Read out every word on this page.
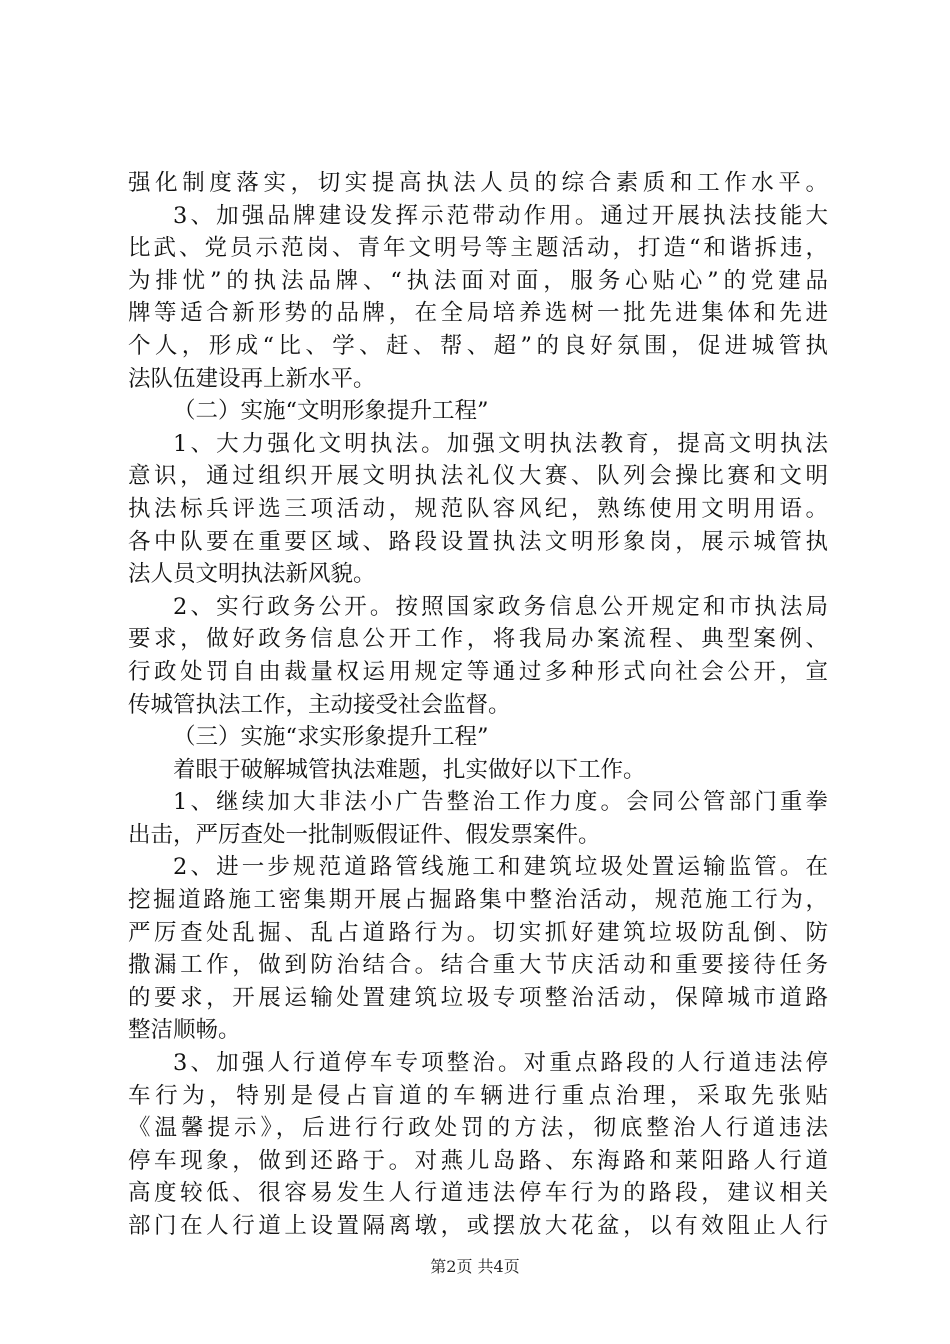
强化制度落实，切实提高执法人员的综合素质和工作水平。
3、加强品牌建设发挥示范带动作用。通过开展执法技能大
比武、党员示范岗、青年文明号等主题活动，打造“和谐拆违，
为排忧”的执法品牌、“执法面对面，服务心贴心”的党建品
牌等适合新形势的品牌，在全局培养选树一批先进集体和先进
个人，形成“比、学、赶、帮、超”的良好氛围，促进城管执
法队伍建设再上新水平。
（二）实施“文明形象提升工程”
1、大力强化文明执法。加强文明执法教育，提高文明执法
意识，通过组织开展文明执法礼仪大赛、队列会操比赛和文明
执法标兵评选三项活动，规范队容风纪，熟练使用文明用语。
各中队要在重要区域、路段设置执法文明形象岗，展示城管执
法人员文明执法新风貌。
2、实行政务公开。按照国家政务信息公开规定和市执法局
要求，做好政务信息公开工作，将我局办案流程、典型案例、
行政处罚自由裁量权运用规定等通过多种形式向社会公开，宣
传城管执法工作，主动接受社会监督。
（三）实施“求实形象提升工程”
着眼于破解城管执法难题，扎实做好以下工作。
1、继续加大非法小广告整治工作力度。会同公管部门重拳
出击，严厉查处一批制贩假证件、假发票案件。
2、进一步规范道路管线施工和建筑垃圾处置运输监管。在
挖掘道路施工密集期开展占掘路集中整治活动，规范施工行为，
严厉查处乱掘、乱占道路行为。切实抓好建筑垃圾防乱倒、防
撒漏工作，做到防治结合。结合重大节庆活动和重要接待任务
的要求，开展运输处置建筑垃圾专项整治活动，保障城市道路
整洁顺畅。
3、加强人行道停车专项整治。对重点路段的人行道违法停
车行为，特别是侵占盲道的车辆进行重点治理，采取先张贴
《温馨提示》，后进行行政处罚的方法，彻底整治人行道违法
停车现象，做到还路于。对燕儿岛路、东海路和莱阳路人行道
高度较低、很容易发生人行道违法停车行为的路段，建议相关
部门在人行道上设置隔离墩，或摆放大花盆，以有效阻止人行
第2页 共4页
